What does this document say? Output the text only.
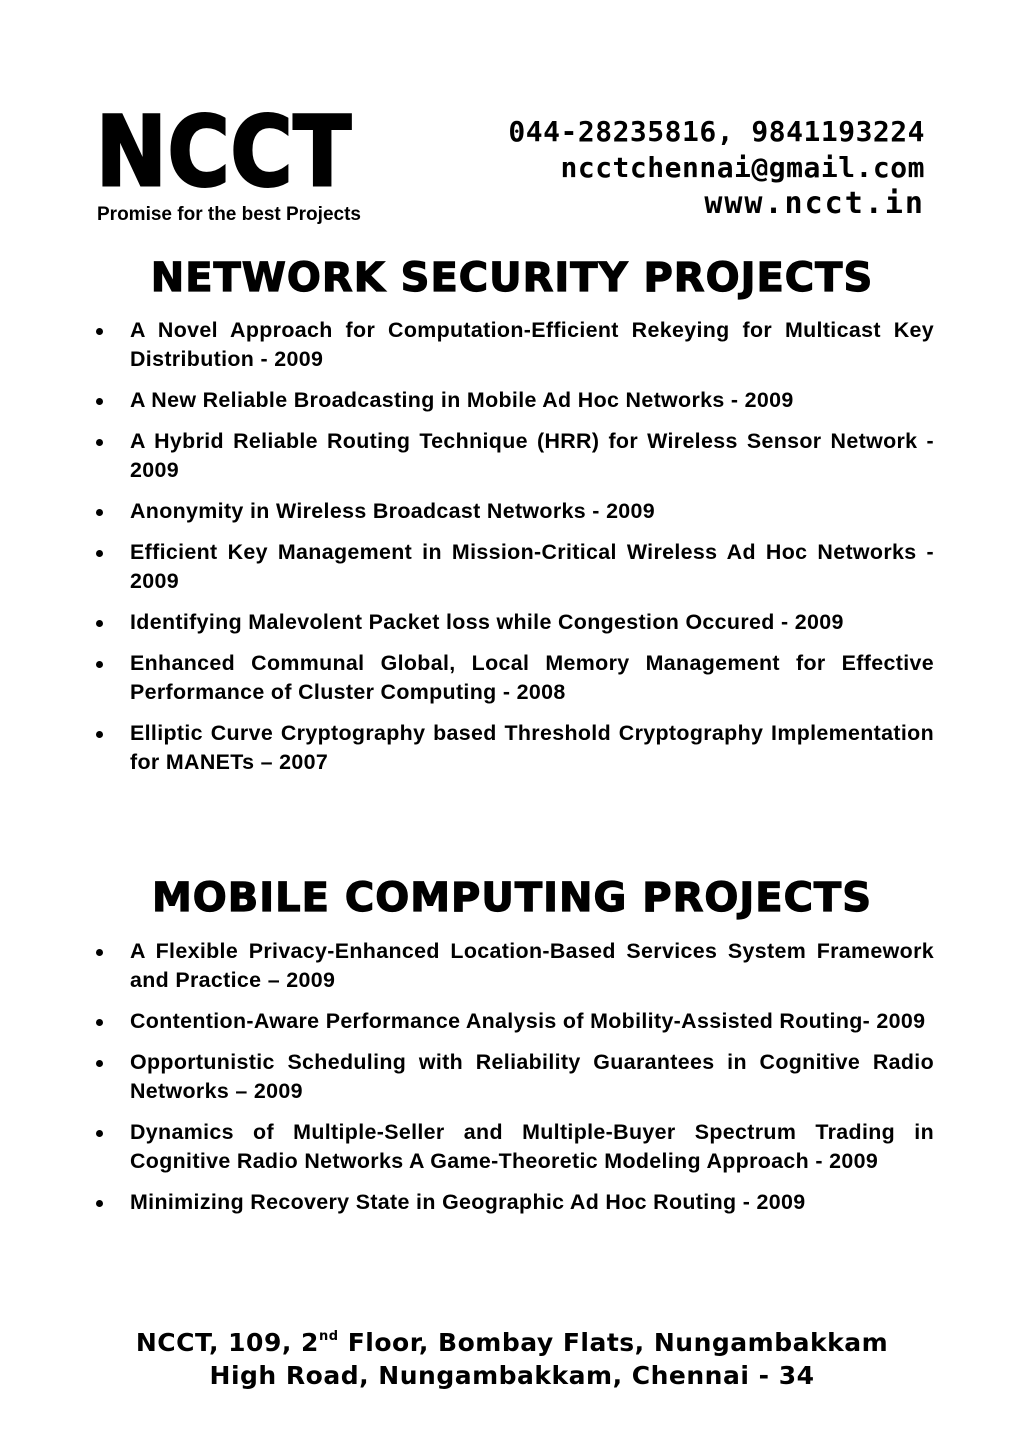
NCCT
Promise for the best Projects
044-28235816, 9841193224
ncctchennai@gmail.com
www.ncct.in
NETWORK SECURITY PROJECTS
A Novel Approach for Computation-Efficient Rekeying for Multicast Key Distribution - 2009
A New Reliable Broadcasting in Mobile Ad Hoc Networks - 2009
A Hybrid Reliable Routing Technique (HRR) for Wireless Sensor Network - 2009
Anonymity in Wireless Broadcast Networks - 2009
Efficient Key Management in Mission-Critical Wireless Ad Hoc Networks - 2009
Identifying Malevolent Packet loss while Congestion Occured - 2009
Enhanced Communal Global, Local Memory Management for Effective Performance of Cluster Computing - 2008
Elliptic Curve Cryptography based Threshold Cryptography Implementation for MANETs – 2007
MOBILE COMPUTING PROJECTS
A Flexible Privacy-Enhanced Location-Based Services System Framework and Practice – 2009
Contention-Aware Performance Analysis of Mobility-Assisted Routing- 2009
Opportunistic Scheduling with Reliability Guarantees in Cognitive Radio Networks – 2009
Dynamics of Multiple-Seller and Multiple-Buyer Spectrum Trading in Cognitive Radio Networks A Game-Theoretic Modeling Approach - 2009
Minimizing Recovery State in Geographic Ad Hoc Routing - 2009
NCCT, 109, 2nd Floor, Bombay Flats, Nungambakkam
High Road, Nungambakkam, Chennai - 34
